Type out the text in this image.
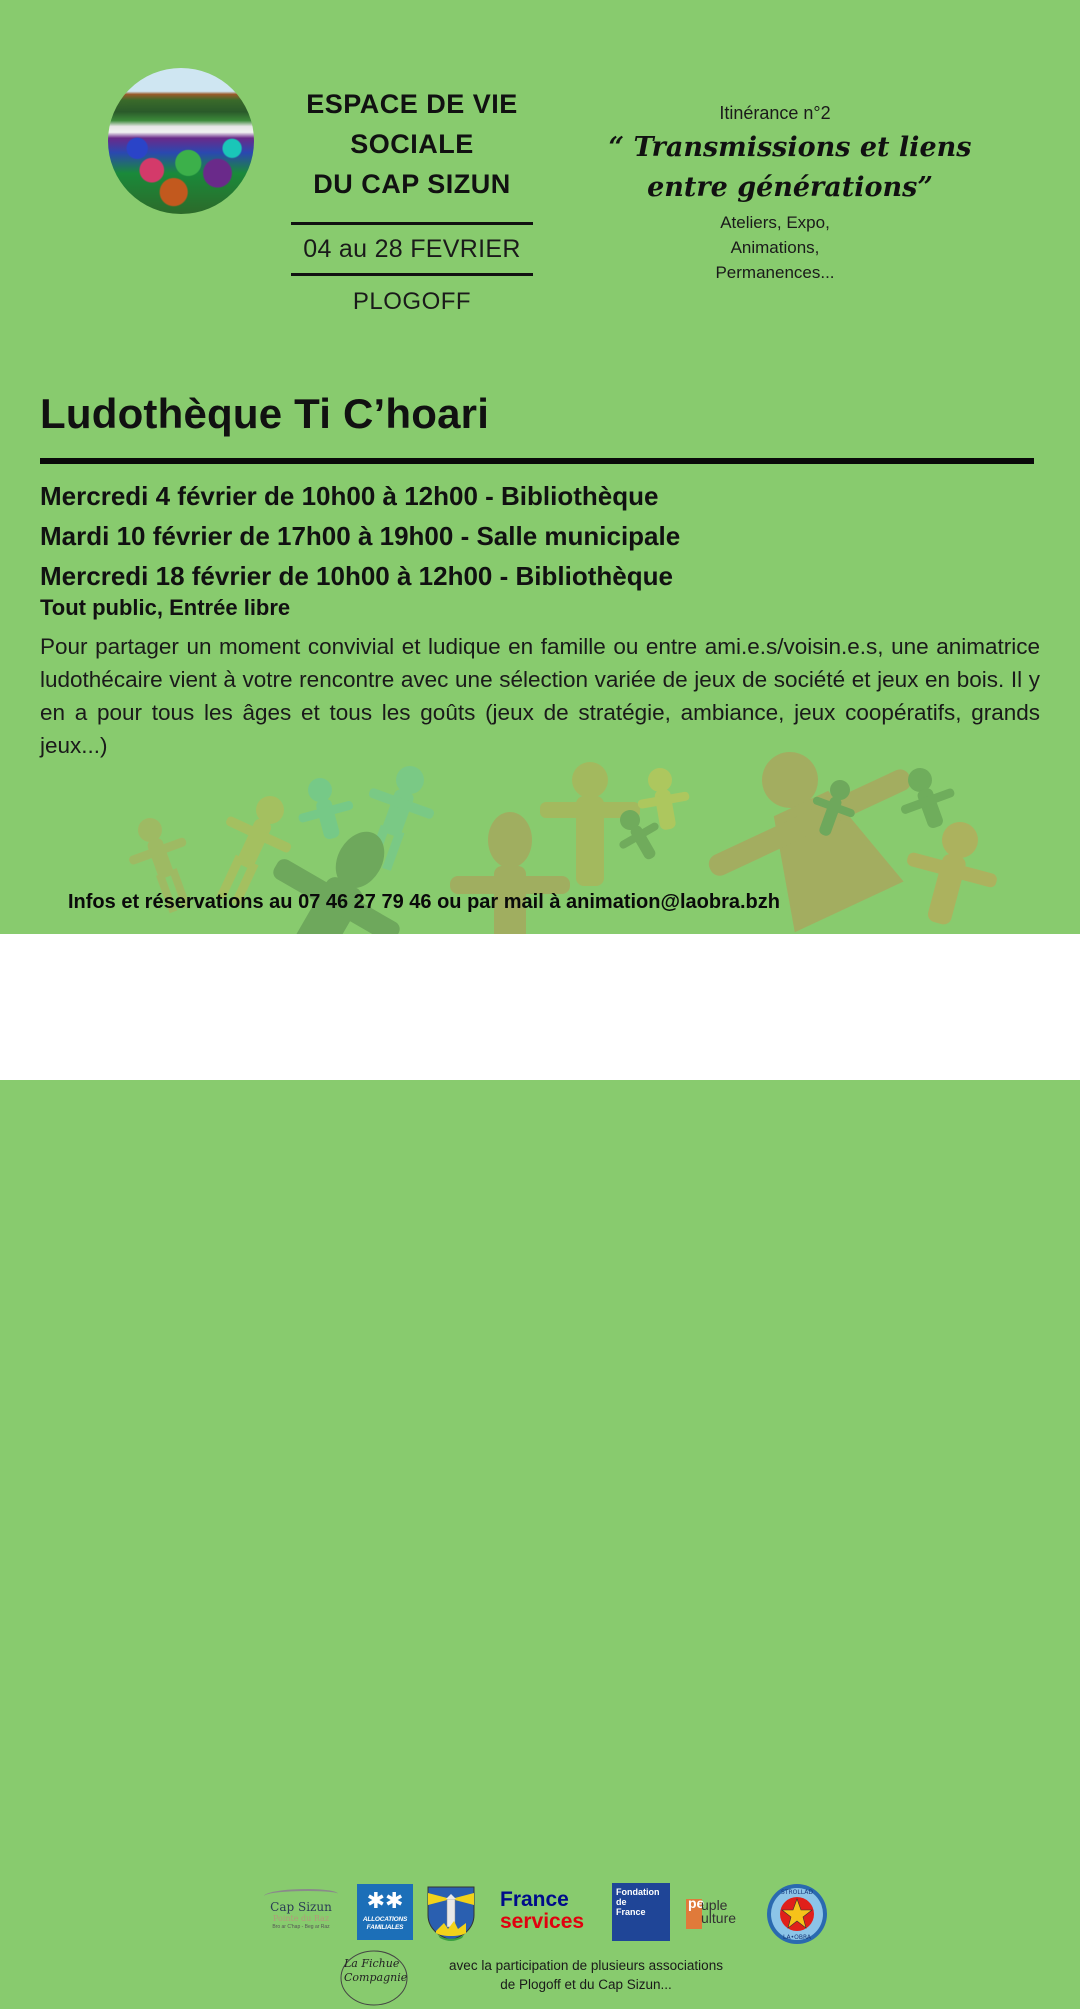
ESPACE DE VIE
SOCIALE
DU CAP SIZUN
04 au 28 FEVRIER
PLOGOFF
Itinérance n°2
“ Transmissions et liens
entre générations”
Ateliers, Expo,
Animations,
Permanences...
Ludothèque Ti C’hoari
Mercredi 4 février de 10h00 à 12h00 - Bibliothèque
Mardi 10 février de 17h00 à 19h00 - Salle municipale
Mercredi 18 février de 10h00 à 12h00 - Bibliothèque
Tout public, Entrée libre
Pour partager un moment convivial et ludique en famille ou entre ami.e.s/voisin.e.s, une animatrice ludothécaire vient à votre rencontre avec une sélection variée de jeux de société et jeux en bois. Il y en a pour tous les âges et tous les goûts (jeux de stratégie, ambiance, jeux coopératifs, grands jeux...)
Infos et réservations au 07 46 27 79 46 ou par mail à animation@laobra.bzh
Cap Sizun
Pointe du Raz
Bro ar C'hap - Beg ar Raz
✱✱
ALLOCATIONS
FAMILIALES
France
services
Fondation
de
France
pe
uple
ulture
STROLLAD
LA•OBRA
La Fichue
Compagnie
avec la participation de plusieurs associations
de Plogoff et du Cap Sizun...
